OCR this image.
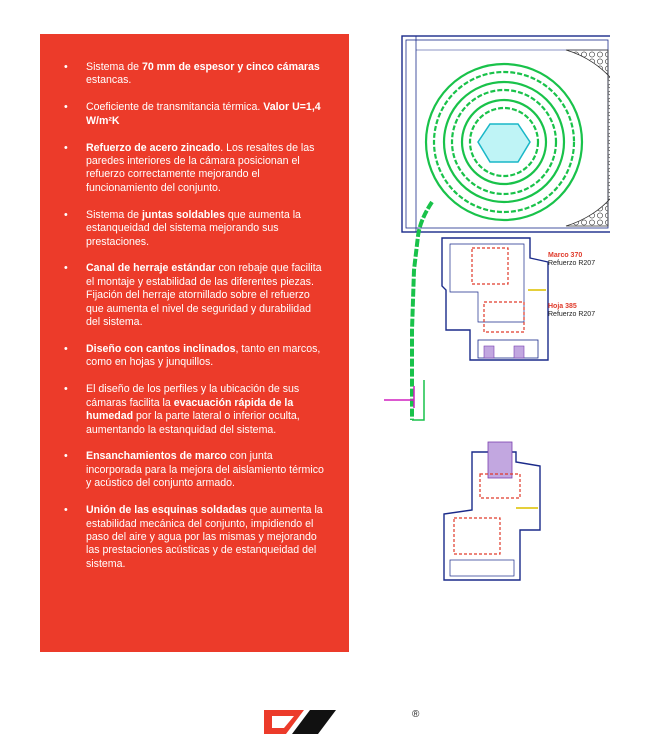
• Sistema de 70 mm de espesor y cinco cámaras estancas.
• Coeficiente de transmitancia térmica. Valor U=1,4 W/m²K
• Refuerzo de acero zincado. Los resaltes de las paredes interiores de la cámara posicionan el refuerzo correctamente mejorando el funcionamiento del conjunto.
• Sistema de juntas soldables que aumenta la estanqueidad del sistema mejorando sus prestaciones.
• Canal de herraje estándar con rebaje que facilita el montaje y estabilidad de las diferentes piezas. Fijación del herraje atornillado sobre el refuerzo que aumenta el nivel de seguridad y durabilidad del sistema.
• Diseño con cantos inclinados, tanto en marcos, como en hojas y junquillos.
• El diseño de los perfiles y la ubicación de sus cámaras facilita la evacuación rápida de la humedad por la parte lateral o inferior oculta, aumentando la estanquidad del sistema.
• Ensanchamientos de marco con junta incorporada para la mejora del aislamiento térmico y acústico del conjunto armado.
• Unión de las esquinas soldadas que aumenta la estabilidad mecánica del conjunto, impidiendo el paso del aire y agua por las mismas y mejorando las prestaciones acústicas y de estanqueidad del sistema.
Marco 370
Refuerzo R207
Hoja 385
Refuerzo R207
®
